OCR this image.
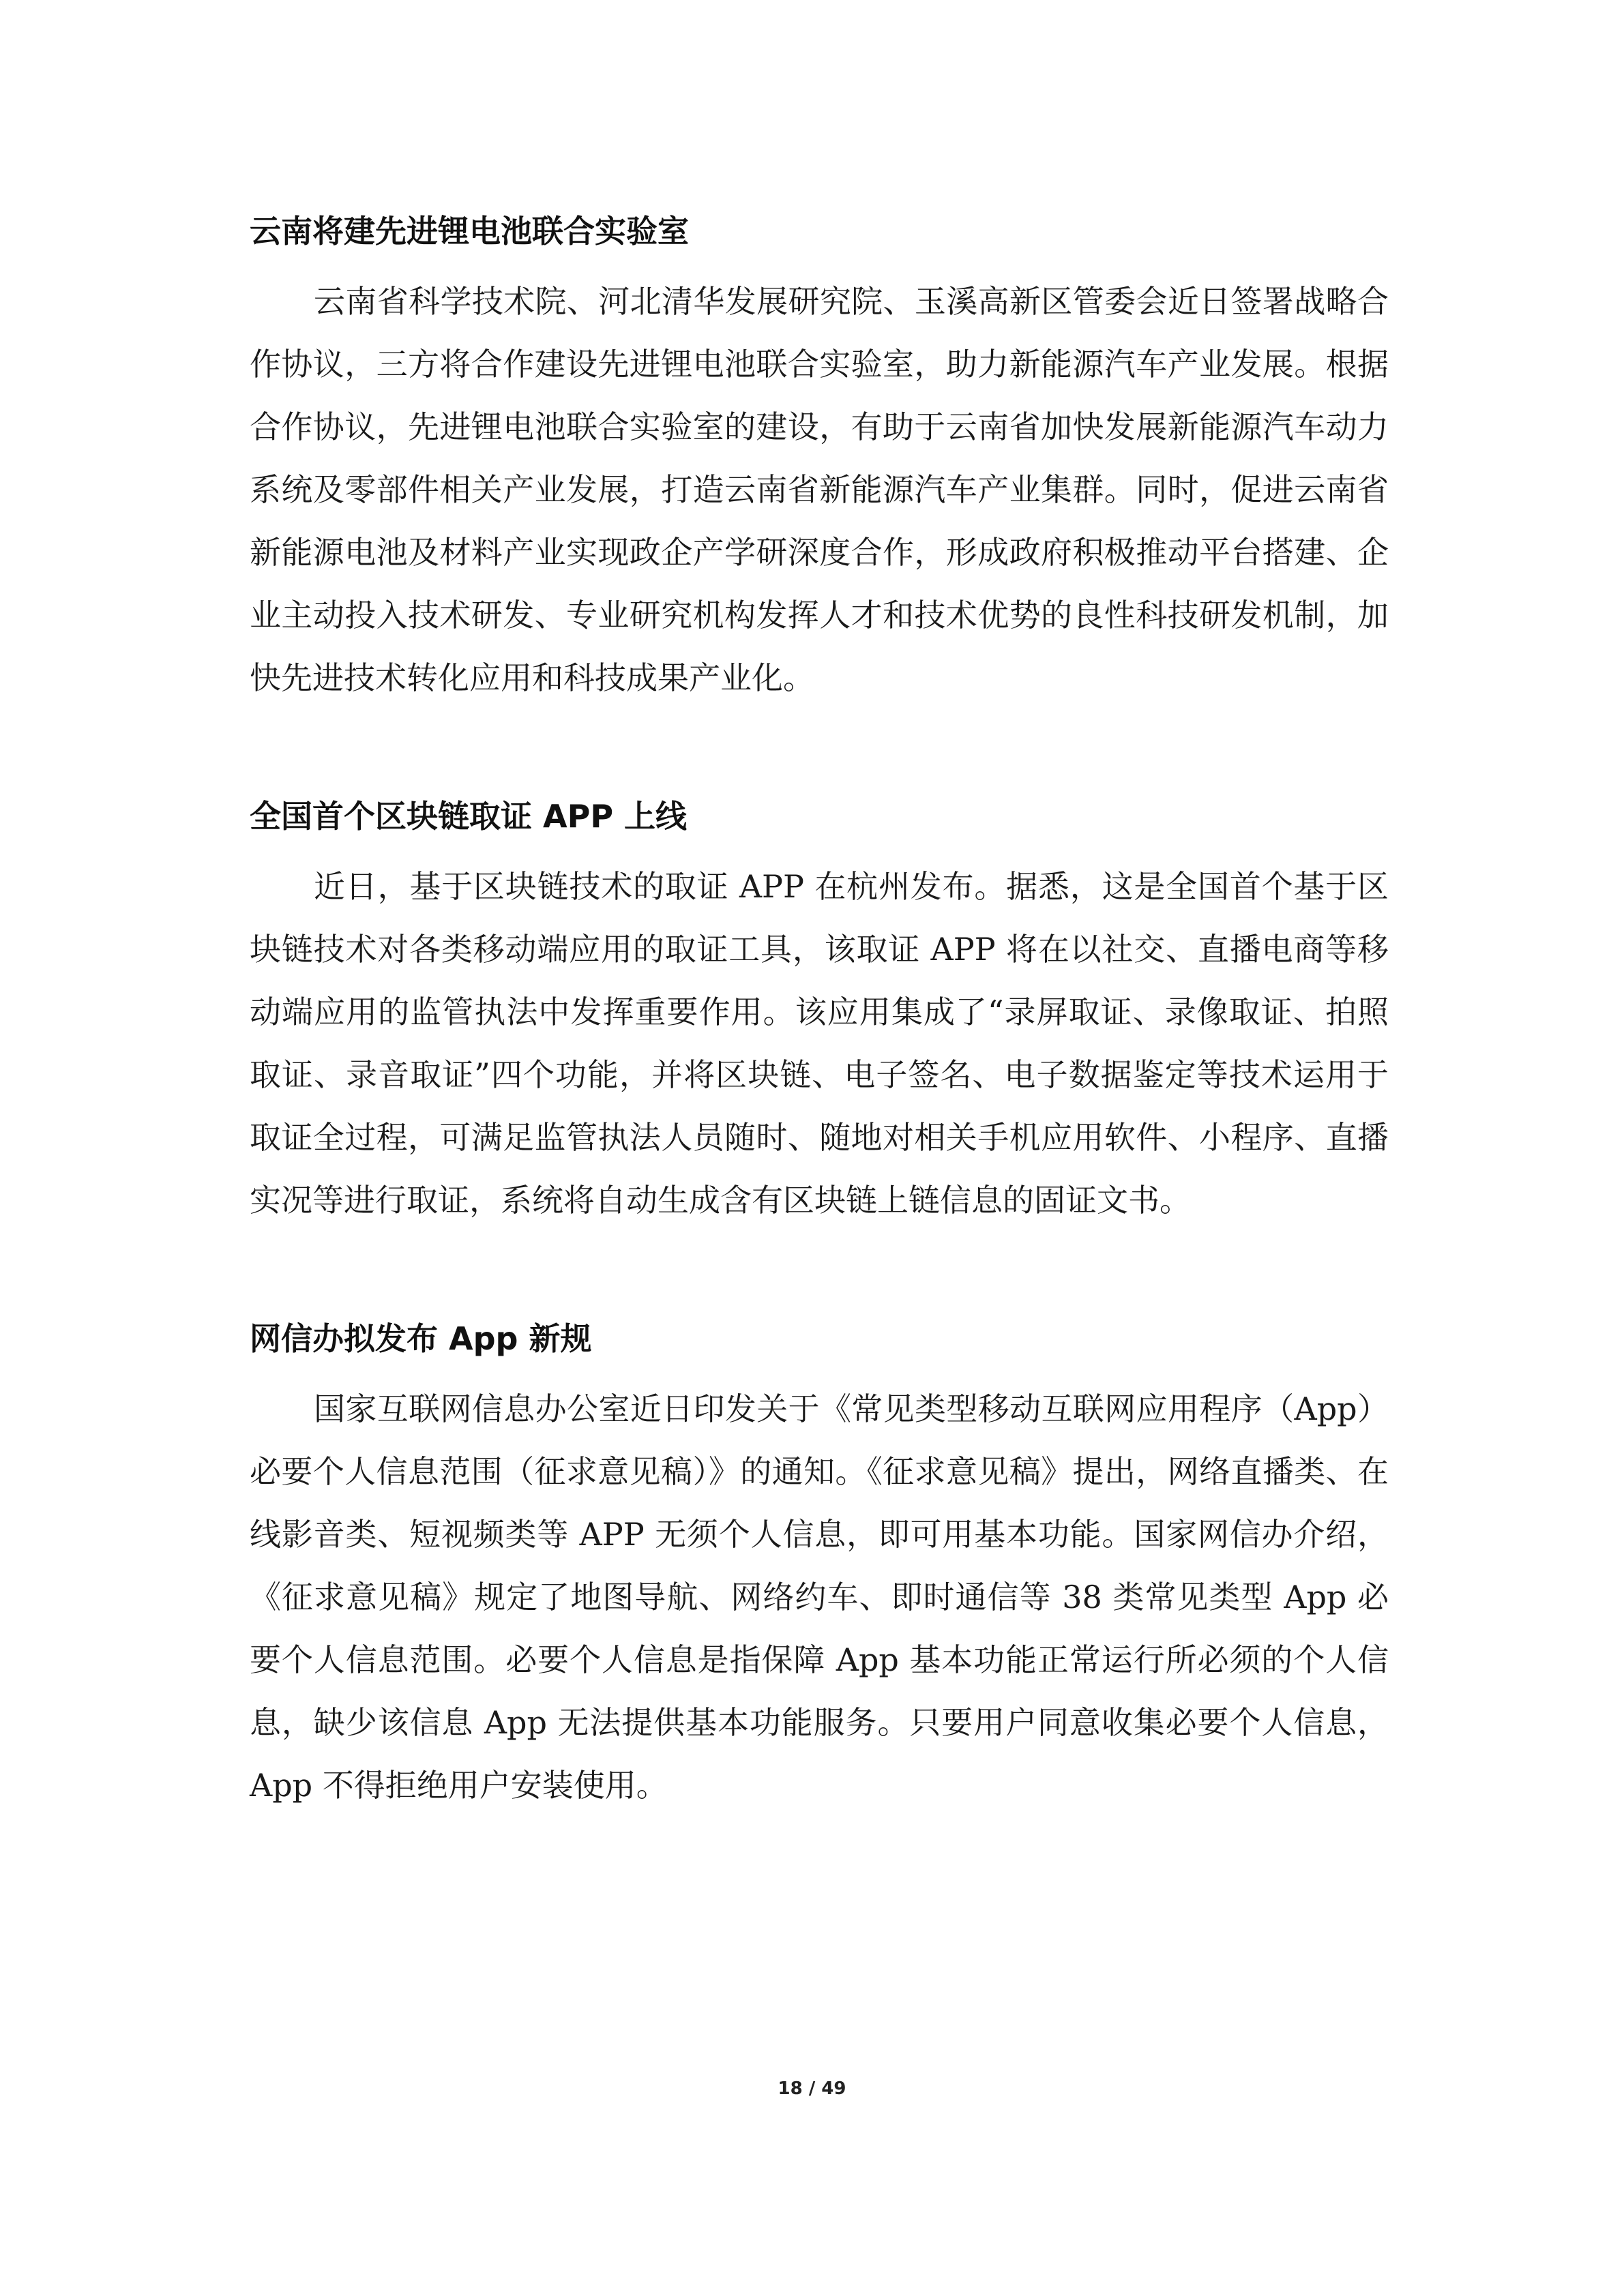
云南将建先进锂电池联合实验室

云南省科学技术院、河北清华发展研究院、玉溪高新区管委会近日签署战略合作协议，三方将合作建设先进锂电池联合实验室，助力新能源汽车产业发展。根据合作协议，先进锂电池联合实验室的建设，有助于云南省加快发展新能源汽车动力系统及零部件相关产业发展，打造云南省新能源汽车产业集群。同时，促进云南省新能源电池及材料产业实现政企产学研深度合作，形成政府积极推动平台搭建、企业主动投入技术研发、专业研究机构发挥人才和技术优势的良性科技研发机制，加快先进技术转化应用和科技成果产业化。

全国首个区块链取证 APP 上线

近日，基于区块链技术的取证 APP 在杭州发布。据悉，这是全国首个基于区块链技术对各类移动端应用的取证工具，该取证 APP 将在以社交、直播电商等移动端应用的监管执法中发挥重要作用。该应用集成了“录屏取证、录像取证、拍照取证、录音取证”四个功能，并将区块链、电子签名、电子数据鉴定等技术运用于取证全过程，可满足监管执法人员随时、随地对相关手机应用软件、小程序、直播实况等进行取证，系统将自动生成含有区块链上链信息的固证文书。

网信办拟发布 App 新规

国家互联网信息办公室近日印发关于《常见类型移动互联网应用程序（App）必要个人信息范围（征求意见稿）》的通知。《征求意见稿》提出，网络直播类、在线影音类、短视频类等 APP 无须个人信息，即可用基本功能。国家网信办介绍，《征求意见稿》规定了地图导航、网络约车、即时通信等 38 类常见类型 App 必要个人信息范围。必要个人信息是指保障 App 基本功能正常运行所必须的个人信息，缺少该信息 App 无法提供基本功能服务。只要用户同意收集必要个人信息，App 不得拒绝用户安装使用。

18 / 49
